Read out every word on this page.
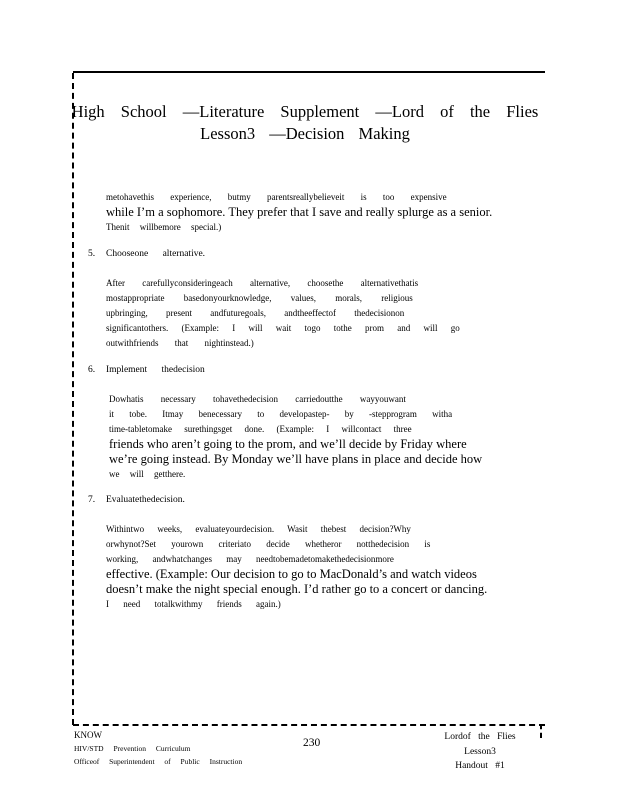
High School —Literature Supplement —Lord of the Flies
Lesson3 —Decision Making
metohavethis experience, butmy parentsreallybelieveit is too expensive
while I’m a sophomore. They prefer that I save and really splurge as a senior.
Thenit willbemore special.)
5. Chooseone alternative.
After carefullyconsideringeach alternative, choosethe alternativethatis
mostappropriate basedonyourknowledge, values, morals, religious
upbringing, present andfuturegoals, andtheeffectof thedecisionon
significantothers. (Example: I will wait togo tothe prom and will go
outwithfriends that nightinstead.)
6. Implement thedecision
Dowhatis necessary tohavethedecision carriedoutthe wayyouwant
it tobe. Itmay benecessary to developastep- by -stepprogram witha
time-tabletomake surethingsget done. (Example: I willcontact three
friends who aren’t going to the prom, and we’ll decide by Friday where
we’re going instead. By Monday we’ll have plans in place and decide how
we will getthere.
7. Evaluatethedecision.
Withintwo weeks, evaluateyourdecision. Wasit thebest decision?Why
orwhynot?Set yourown criteriato decide whetheror notthedecision is
working, andwhatchanges may needtobemadetomakethedecisionmore
effective. (Example: Our decision to go to MacDonald’s and watch videos
doesn’t make the night special enough. I’d rather go to a concert or dancing.
I need totalkwithmy friends again.)
KNOW
HIV/STD Prevention Curriculum
Officeof Superintendent of Public Instruction
230	Lordof the Flies
Lesson3
Handout #1
